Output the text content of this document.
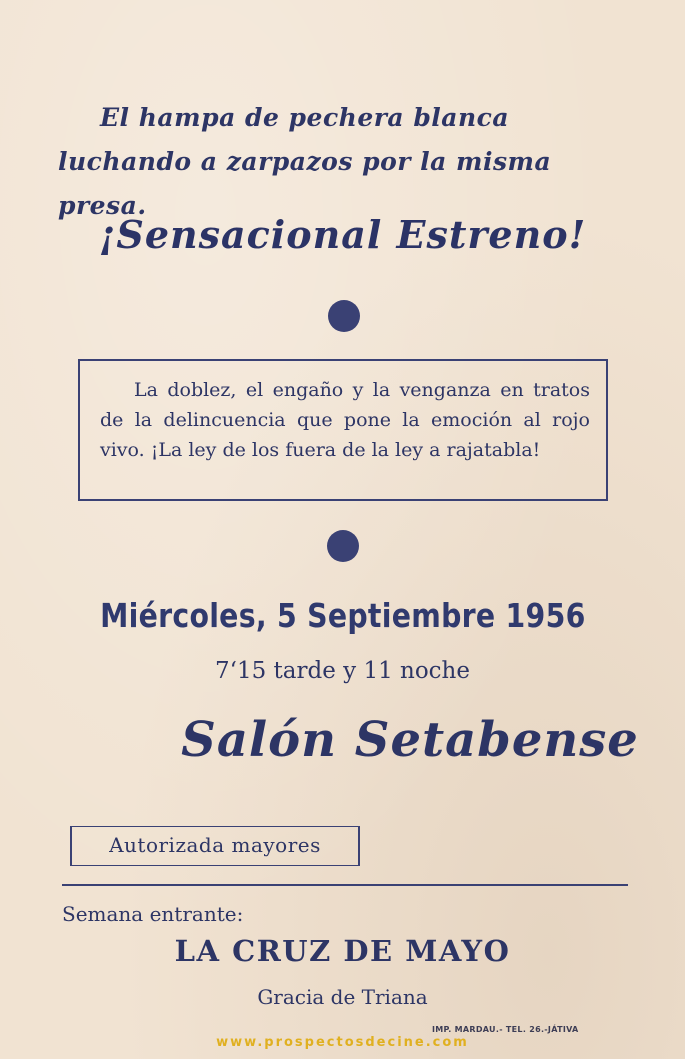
El hampa de pechera blanca luchando a zarpazos por la misma presa.
¡Sensacional Estreno!

La doblez, el engaño y la venganza en tratos de la delincuencia que pone la emoción al rojo vivo. ¡La ley de los fuera de la ley a rajatabla!

Miércoles, 5 Septiembre 1956
7‘15 tarde y 11 noche
Salón Setabense
Autorizada mayores
Semana entrante:
LA CRUZ DE MAYO
Gracia de Triana
IMP. MARDAU.- TEL. 26.-JÁTIVA
www.prospectosdecine.com
